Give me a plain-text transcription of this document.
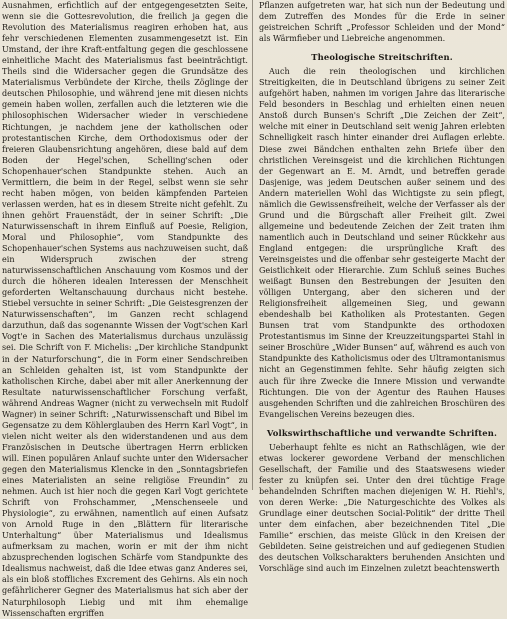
Ausnahmen, erfichtlich auf der entgegengesetzten Seite, wenn sie die Gottesrevolution, die freilich ja gegen die Revolution des Materialismus reagiren erhoben hat, aus fehr verschiedenen Elementen zusammengesetzt ist. Ein Umstand, der ihre Kraft-entfaltung gegen die geschlossene einheitliche Macht des Materialismus fast beeinträchtigt. Theils sind die Widersacher gegen die Grundsätze des Materialismus Verbündete der Kirche, theils Zöglinge der deutschen Philosophie, und während jene mit diesen nichts gemein haben wollen, zerfallen auch die letzteren wie die philosophischen Widersacher wieder in verschiedene Richtungen, je nachdem jene der katholischen oder protestantischen Kirche, dem Orthodoxismus oder der freieren Glaubensrichtung angehören, diese bald auf dem Boden der Hegel'schen, Schelling'schen oder Schopenhauer'schen Standpunkte stehen. Auch an Vermittlern, die beim in der Regel, selbst wenn sie sehr recht haben mögen, von beiden kämpfenden Parteien verlassen werden, hat es in diesem Streite nicht gefehlt. Zu ihnen gehört Frauenstädt, der in seiner Schrift: „Die Naturwissenschaft in ihrem Einfluß auf Poesie, Religion, Moral und Philosophie“, vom Standpunkte des Schopenhauer'schen Systems aus nachzuweisen sucht, daß ein Widerspruch zwischen der streng naturwissenschaftlichen Anschauung vom Kosmos und der durch die höheren idealen Interessen der Menschheit geforderten Weltanschauung durchaus nicht bestehe. Stiebel versuchte in seiner Schrift: „Die Geistesgrenzen der Naturwissenschaften“, im Ganzen recht schlagend darzuthun, daß das sogenannte Wissen der Vogt'schen Karl Vogt'e in Sachen des Materialismus durchaus unzulässig sei. Die Schrift von F. Michelis: „Der kirchliche Standpunkt in der Naturforschung“, die in Form einer Sendschreiben an Schleiden gehalten ist, ist vom Standpunkte der katholischen Kirche, dabei aber mit aller Anerkennung der Resultate naturwissenschaftlicher Forschung verfaßt, während Andreas Wagner (nicht zu verwechseln mit Rudolf Wagner) in seiner Schrift: „Naturwissenschaft und Bibel im Gegensatze zu dem Köhlerglauben des Herrn Karl Vogt“, in vielen nicht weiter als den widerstandenen und aus dem Französischen in Deutsche übertragen Herrn erblicken will. Einen populären Anlauf suchte unter den Widersacher gegen den Materialismus Klencke in den „Sonntagsbriefen eines Materialisten an seine religiöse Freundin“ zu nehmen. Auch ist hier noch die gegen Karl Vogt gerichtete Schrift von Frohschammer, „Menschenseele und Physiologie“, zu erwähnen, namentlich auf einen Aufsatz von Arnold Ruge in den „Blättern für literarische Unterhaltung“ über Materialismus und Idealismus aufmerksam zu machen, worin er mit der ihm nicht abzusprechenden logischen Schärfe vom Standpunkte des Idealismus nachweist, daß die Idee etwas ganz Anderes sei, als ein bloß stoffliches Excrement des Gehirns. Als ein noch gefährlicherer Gegner des Materialismus hat sich aber der Naturphilosoph Liebig und mit ihm ehemalige Wissenschaften ergriffen

Pflanzen aufgetreten war, hat sich nun der Bedeutung und dem Zutreffen des Mondes für die Erde in seiner geistreichen Schrift „Professor Schleiden und der Mond“ als Wärmfieber und Liebreiche angenommen.

Theologische Streitschriften.

Auch die rein theologischen und kirchlichen Streitigkeiten, die in Deutschland übrigens zu seiner Zeit aufgehört haben, nahmen im vorigen Jahre das literarische Feld besonders in Beschlag und erhielten einen neuen Anstoß durch Bunsen's Schrift „Die Zeichen der Zeit“, welche mit einer in Deutschland seit wenig Jahren erlebten Schnelligkeit rasch hinter einander drei Auflagen erlebte. Diese zwei Bändchen enthalten zehn Briefe über den christlichen Vereinsgeist und die kirchlichen Richtungen der Gegenwart an E. M. Arndt, und betreffen gerade Dasjenige, was jedem Deutschen außer seinem und des Andern materiellen Wohl das Wichtigste zu sein pflegt, nämlich die Gewissensfreiheit, welche der Verfasser als der Grund und die Bürgschaft aller Freiheit gilt. Zwei allgemeine und bedeutende Zeichen der Zeit traten ihm namentlich auch in Deutschland und seiner Rückkehr aus England entgegen: die ursprüngliche Kraft des Vereinsgeistes und die offenbar sehr gesteigerte Macht der Geistlichkeit oder Hierarchie. Zum Schluß seines Buches weißagt Bunsen den Bestrebungen der Jesuiten den völligen Untergang, aber den sicheren und der Religionsfreiheit allgemeinen Sieg, und gewann ebendeshalb bei Katholiken als Protestanten. Gegen Bunsen trat vom Standpunkte des orthodoxen Protestantismus im Sinne der Kreuzzeitungspartei Stahl in seiner Broschüre „Wider Bunsen“ auf, während es auch von Standpunkte des Katholicismus oder des Ultramontanismus nicht an Gegenstimmen fehlte. Sehr häufig zeigten sich auch für ihre Zwecke die Innere Mission und verwandte Richtungen. Die von der Agentur des Rauhen Hauses ausgehenden Schriften und die zahlreichen Broschüren des Evangelischen Vereins bezeugen dies.

Volkswirthschaftliche und verwandte Schriften.

Ueberhaupt fehlte es nicht an Rathschlägen, wie der etwas lockerer gewordene Verband der menschlichen Gesellschaft, der Familie und des Staatswesens wieder fester zu knüpfen sei. Unter den drei tüchtige Frage behandelnden Schriften machen diejenigen W. H. Riehl's, von deren Werke: „Die Naturgeschichte des Volkes als Grundlage einer deutschen Social-Politik“ der dritte Theil unter dem einfachen, aber bezeichnenden Titel „Die Familie“ erschien, das meiste Glück in den Kreisen der Gebildeten. Seine geistreichen und auf gediegenen Studien des deutschen Volkscharakters beruhenden Ansichten und Vorschläge sind auch im Einzelnen zuletzt beachtenswerth
